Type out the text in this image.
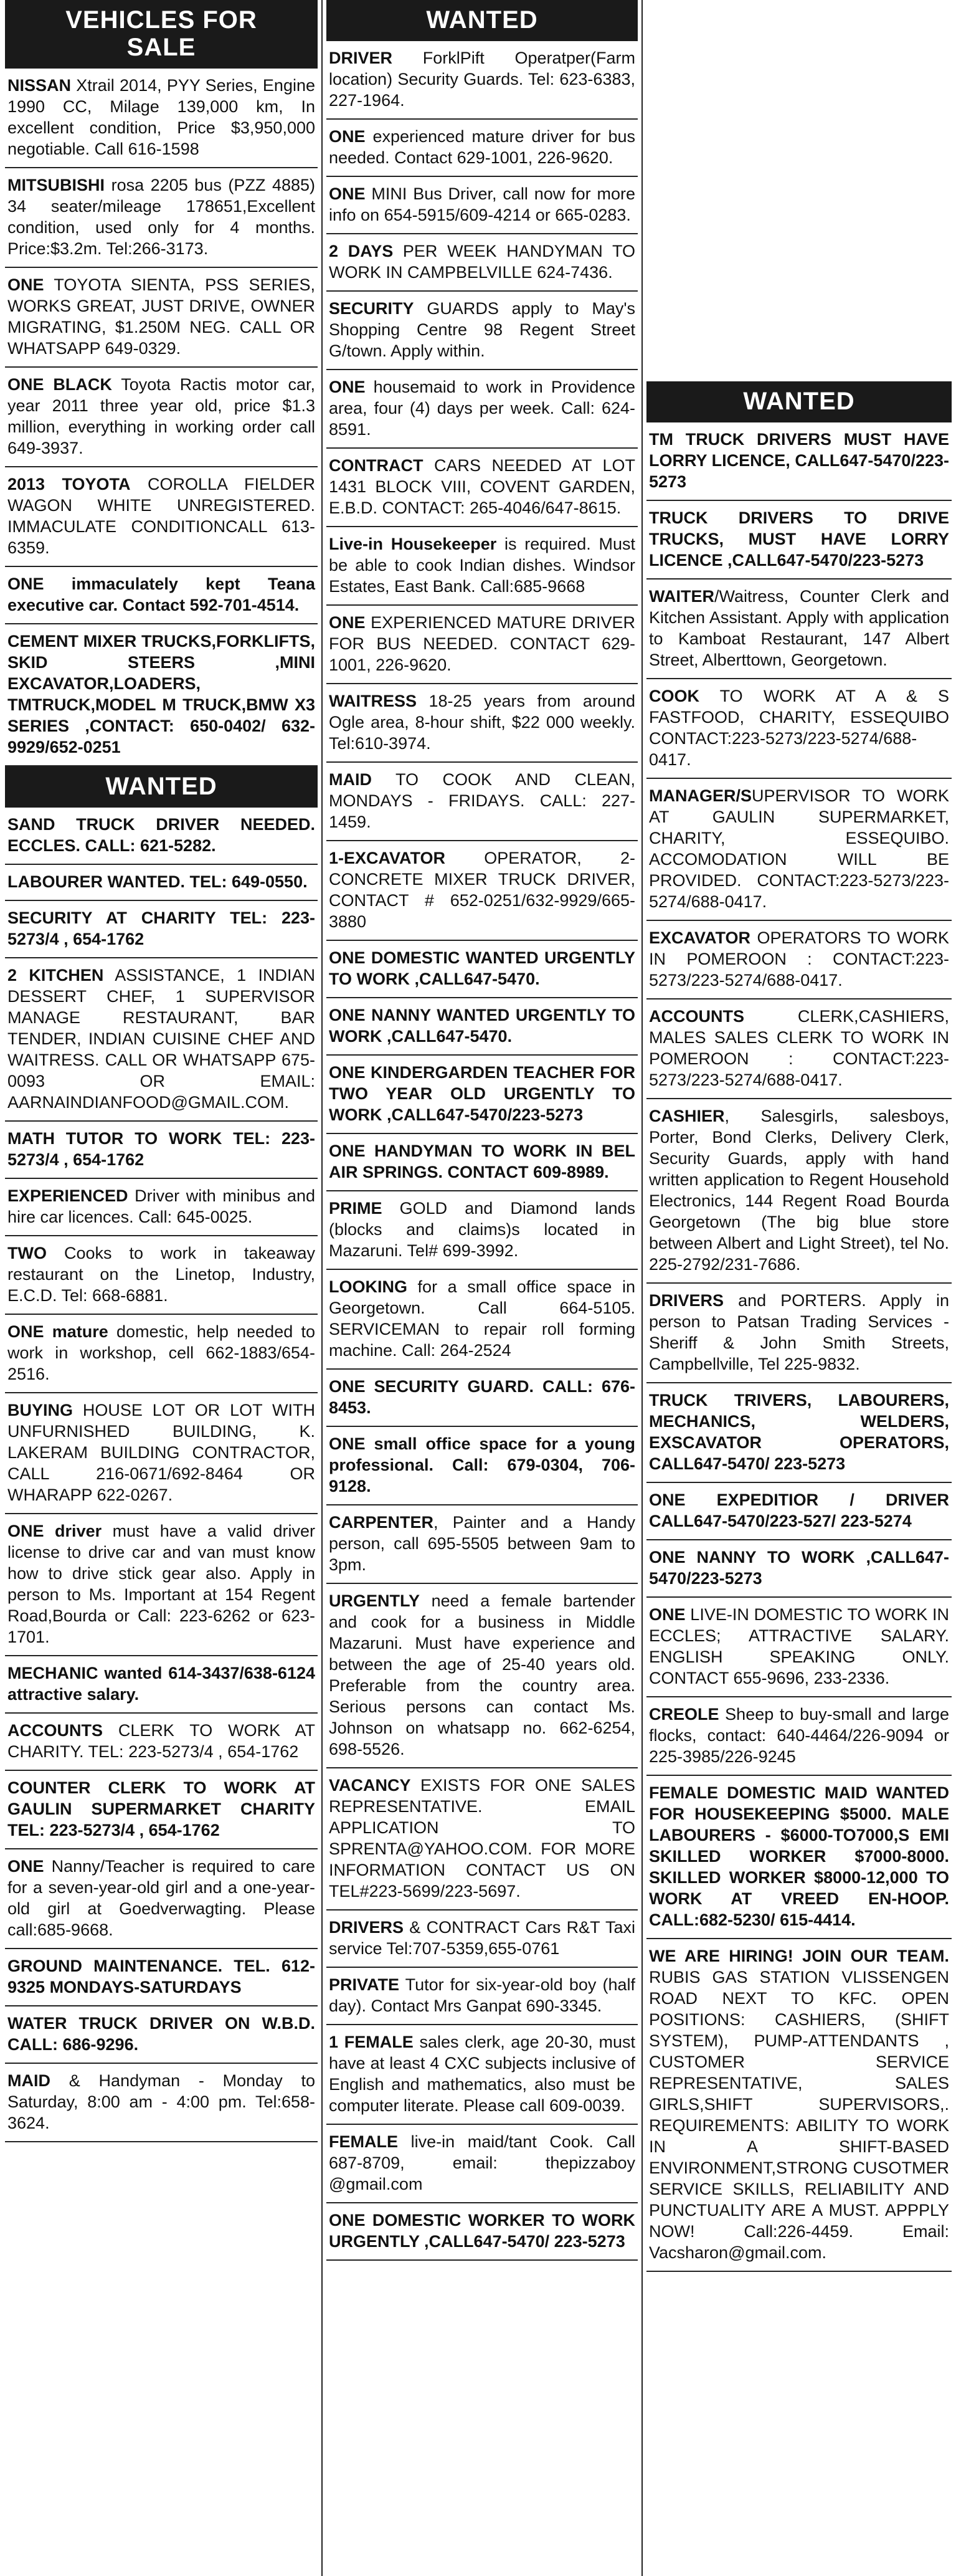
VEHICLES FOR
SALE
NISSAN Xtrail 2014, PYY Series, Engine 1990 CC, Milage 139,000 km, In excellent condition, Price $3,950,000 negotiable. Call 616-1598
MITSUBISHI rosa 2205 bus (PZZ 4885) 34 seater/mileage 178651,Excellent condition, used only for 4 months. Price:$3.2m. Tel:266-3173.
ONE TOYOTA SIENTA, PSS SERIES, WORKS GREAT, JUST DRIVE, OWNER MIGRATING, $1.250M NEG. CALL OR WHATSAPP 649-0329.
ONE BLACK Toyota Ractis motor car, year 2011 three year old, price $1.3 million, everything in working order call 649-3937.
2013 TOYOTA COROLLA FIELDER WAGON WHITE UNREGISTERED. IMMACULATE CONDITIONCALL 613-6359.
ONE immaculately kept Teana executive car. Contact 592-701-4514.
CEMENT MIXER TRUCKS,FORKLIFTS, SKID STEERS ,MINI EXCAVATOR,LOADERS, TMTRUCK,MODEL M TRUCK,BMW X3 SERIES ,CONTACT: 650-0402/ 632-9929/652-0251
WANTED
SAND TRUCK DRIVER NEEDED. ECCLES. CALL: 621-5282.
LABOURER WANTED. TEL: 649-0550.
SECURITY AT CHARITY TEL: 223-5273/4 , 654-1762
2 KITCHEN ASSISTANCE, 1 INDIAN DESSERT CHEF, 1 SUPERVISOR MANAGE RESTAURANT, BAR TENDER, INDIAN CUISINE CHEF AND WAITRESS. CALL OR WHATSAPP 675-0093 OR EMAIL: AARNAINDIANFOOD@GMAIL.COM.
MATH TUTOR TO WORK TEL: 223-5273/4 , 654-1762
EXPERIENCED Driver with minibus and hire car licences. Call: 645-0025.
TWO Cooks to work in takeaway restaurant on the Linetop, Industry, E.C.D. Tel: 668-6881.
ONE mature domestic, help needed to work in workshop, cell 662-1883/654-2516.
BUYING HOUSE LOT OR LOT WITH UNFURNISHED BUILDING, K. LAKERAM BUILDING CONTRACTOR, CALL 216-0671/692-8464 OR WHARAPP 622-0267.
ONE driver must have a valid driver license to drive car and van must know how to drive stick gear also. Apply in person to Ms. Important at 154 Regent Road,Bourda or Call: 223-6262 or 623-1701.
MECHANIC wanted 614-3437/638-6124 attractive salary.
ACCOUNTS CLERK TO WORK AT CHARITY. TEL: 223-5273/4 , 654-1762
COUNTER CLERK TO WORK AT GAULIN SUPERMARKET CHARITY TEL: 223-5273/4 , 654-1762
ONE Nanny/Teacher is required to care for a seven-year-old girl and a one-year-old girl at Goedverwagting. Please call:685-9668.
GROUND MAINTENANCE. TEL. 612-9325 MONDAYS-SATURDAYS
WATER TRUCK DRIVER ON W.B.D. CALL: 686-9296.
MAID & Handyman - Monday to Saturday, 8:00 am - 4:00 pm. Tel:658-3624.
WANTED
DRIVER ForklPift Operatper(Farm location) Security Guards. Tel: 623-6383, 227-1964.
ONE experienced mature driver for bus needed. Contact 629-1001, 226-9620.
ONE MINI Bus Driver, call now for more info on 654-5915/609-4214 or 665-0283.
2 DAYS PER WEEK HANDYMAN TO WORK IN CAMPBELVILLE 624-7436.
SECURITY GUARDS apply to May's Shopping Centre 98 Regent Street G/town. Apply within.
ONE housemaid to work in Providence area, four (4) days per week. Call: 624-8591.
CONTRACT CARS NEEDED AT LOT 1431 BLOCK VIII, COVENT GARDEN, E.B.D. CONTACT: 265-4046/647-8615.
Live-in Housekeeper is required. Must be able to cook Indian dishes. Windsor Estates, East Bank. Call:685-9668
ONE EXPERIENCED MATURE DRIVER FOR BUS NEEDED. CONTACT 629-1001, 226-9620.
WAITRESS 18-25 years from around Ogle area, 8-hour shift, $22 000 weekly. Tel:610-3974.
MAID TO COOK AND CLEAN, MONDAYS - FRIDAYS. CALL: 227-1459.
1-EXCAVATOR OPERATOR, 2- CONCRETE MIXER TRUCK DRIVER, CONTACT # 652-0251/632-9929/665-3880
ONE DOMESTIC WANTED URGENTLY TO WORK ,CALL647-5470.
ONE NANNY WANTED URGENTLY TO WORK ,CALL647-5470.
ONE KINDERGARDEN TEACHER FOR TWO YEAR OLD URGENTLY TO WORK ,CALL647-5470/223-5273
ONE HANDYMAN TO WORK IN BEL AIR SPRINGS. CONTACT 609-8989.
PRIME GOLD and Diamond lands (blocks and claims)s located in Mazaruni. Tel# 699-3992.
LOOKING for a small office space in Georgetown. Call 664-5105. SERVICEMAN to repair roll forming machine. Call: 264-2524
ONE SECURITY GUARD. CALL: 676-8453.
ONE small office space for a young professional. Call: 679-0304, 706-9128.
CARPENTER, Painter and a Handy person, call 695-5505 between 9am to 3pm.
URGENTLY need a female bartender and cook for a business in Middle Mazaruni. Must have experience and between the age of 25-40 years old. Preferable from the country area. Serious persons can contact Ms. Johnson on whatsapp no. 662-6254, 698-5526.
VACANCY EXISTS FOR ONE SALES REPRESENTATIVE. EMAIL APPLICATION TO SPRENTA@YAHOO.COM. FOR MORE INFORMATION CONTACT US ON TEL#223-5699/223-5697.
DRIVERS & CONTRACT Cars R&T Taxi service Tel:707-5359,655-0761
PRIVATE Tutor for six-year-old boy (half day). Contact Mrs Ganpat 690-3345.
1 FEMALE sales clerk, age 20-30, must have at least 4 CXC subjects inclusive of English and mathematics, also must be computer literate. Please call 609-0039.
FEMALE live-in maid/tant Cook. Call 687-8709, email: thepizzaboy @gmail.com
ONE DOMESTIC WORKER TO WORK URGENTLY ,CALL647-5470/ 223-5273
WANTED
TM TRUCK DRIVERS MUST HAVE LORRY LICENCE, CALL647-5470/223-5273
TRUCK DRIVERS TO DRIVE TRUCKS, MUST HAVE LORRY LICENCE ,CALL647-5470/223-5273
WAITER/Waitress, Counter Clerk and Kitchen Assistant. Apply with application to Kamboat Restaurant, 147 Albert Street, Alberttown, Georgetown.
COOK TO WORK AT A & S FASTFOOD, CHARITY, ESSEQUIBO CONTACT:223-5273/223-5274/688-0417.
MANAGER/SUPERVISOR TO WORK AT GAULIN SUPERMARKET, CHARITY, ESSEQUIBO. ACCOMODATION WILL BE PROVIDED. CONTACT:223-5273/223-5274/688-0417.
EXCAVATOR OPERATORS TO WORK IN POMEROON : CONTACT:223-5273/223-5274/688-0417.
ACCOUNTS CLERK,CASHIERS, MALES SALES CLERK TO WORK IN POMEROON : CONTACT:223-5273/223-5274/688-0417.
CASHIER, Salesgirls, salesboys, Porter, Bond Clerks, Delivery Clerk, Security Guards, apply with hand written application to Regent Household Electronics, 144 Regent Road Bourda Georgetown (The big blue store between Albert and Light Street), tel No. 225-2792/231-7686.
DRIVERS and PORTERS. Apply in person to Patsan Trading Services - Sheriff & John Smith Streets, Campbellville, Tel 225-9832.
TRUCK TRIVERS, LABOURERS, MECHANICS, WELDERS, EXSCAVATOR OPERATORS, CALL647-5470/ 223-5273
ONE EXPEDITIOR / DRIVER CALL647-5470/223-527/ 223-5274
ONE NANNY TO WORK ,CALL647-5470/223-5273
ONE LIVE-IN DOMESTIC TO WORK IN ECCLES; ATTRACTIVE SALARY. ENGLISH SPEAKING ONLY. CONTACT 655-9696, 233-2336.
CREOLE Sheep to buy-small and large flocks, contact: 640-4464/226-9094 or 225-3985/226-9245
FEMALE DOMESTIC MAID WANTED FOR HOUSEKEEPING $5000. MALE LABOURERS - $6000-TO7000,S EMI SKILLED WORKER $7000-8000. SKILLED WORKER $8000-12,000 TO WORK AT VREED EN-HOOP. CALL:682-5230/ 615-4414.
WE ARE HIRING! JOIN OUR TEAM. RUBIS GAS STATION VLISSENGEN ROAD NEXT TO KFC. OPEN POSITIONS: CASHIERS, (SHIFT SYSTEM), PUMP-ATTENDANTS , CUSTOMER SERVICE REPRESENTATIVE, SALES GIRLS,SHIFT SUPERVISORS,. REQUIREMENTS: ABILITY TO WORK IN A SHIFT-BASED ENVIRONMENT,STRONG CUSOTMER SERVICE SKILLS, RELIABILITY AND PUNCTUALITY ARE A MUST. APPPLY NOW! Call:226-4459. Email: Vacsharon@gmail.com.
